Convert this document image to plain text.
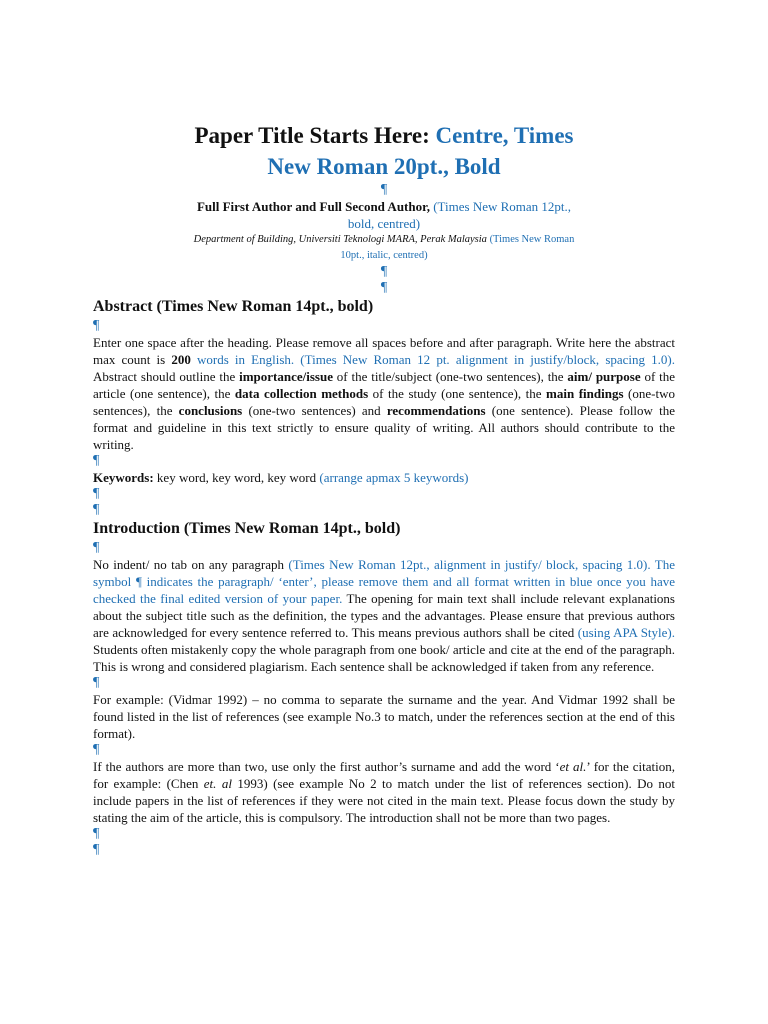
Paper Title Starts Here: Centre, Times
New Roman 20pt., Bold
¶
Full First Author and Full Second Author, (Times New Roman 12pt.,
bold, centred)
Department of Building, Universiti Teknologi MARA, Perak Malaysia (Times New Roman
10pt., italic, centred)
¶
¶
Abstract (Times New Roman 14pt., bold)
¶

Enter one space after the heading. Please remove all spaces before and after paragraph. Write here the abstract max count is 200 words in English. (Times New Roman 12 pt. alignment in justify/block, spacing 1.0). Abstract should outline the importance/issue of the title/subject (one-two sentences), the aim/ purpose of the article (one sentence), the data collection methods of the study (one sentence), the main findings (one-two sentences), the conclusions (one-two sentences) and recommendations (one sentence). Please follow the format and guideline in this text strictly to ensure quality of writing. All authors should contribute to the writing.

¶

Keywords: key word, key word, key word (arrange apmax 5 keywords)

¶
¶
Introduction (Times New Roman 14pt., bold)
¶

No indent/ no tab on any paragraph (Times New Roman 12pt., alignment in justify/ block, spacing 1.0). The symbol ¶ indicates the paragraph/ ‘enter’, please remove them and all format written in blue once you have checked the final edited version of your paper. The opening for main text shall include relevant explanations about the subject title such as the definition, the types and the advantages. Please ensure that previous authors are acknowledged for every sentence referred to. This means previous authors shall be cited (using APA Style). Students often mistakenly copy the whole paragraph from one book/ article and cite at the end of the paragraph. This is wrong and considered plagiarism. Each sentence shall be acknowledged if taken from any reference.

¶

For example: (Vidmar 1992) – no comma to separate the surname and the year. And Vidmar 1992 shall be found listed in the list of references (see example No.3 to match, under the references section at the end of this format).

¶

If the authors are more than two, use only the first author’s surname and add the word ‘et al.’ for the citation, for example: (Chen et. al 1993) (see example No 2 to match under the list of references section). Do not include papers in the list of references if they were not cited in the main text. Please focus down the study by stating the aim of the article, this is compulsory. The introduction shall not be more than two pages.

¶
¶
